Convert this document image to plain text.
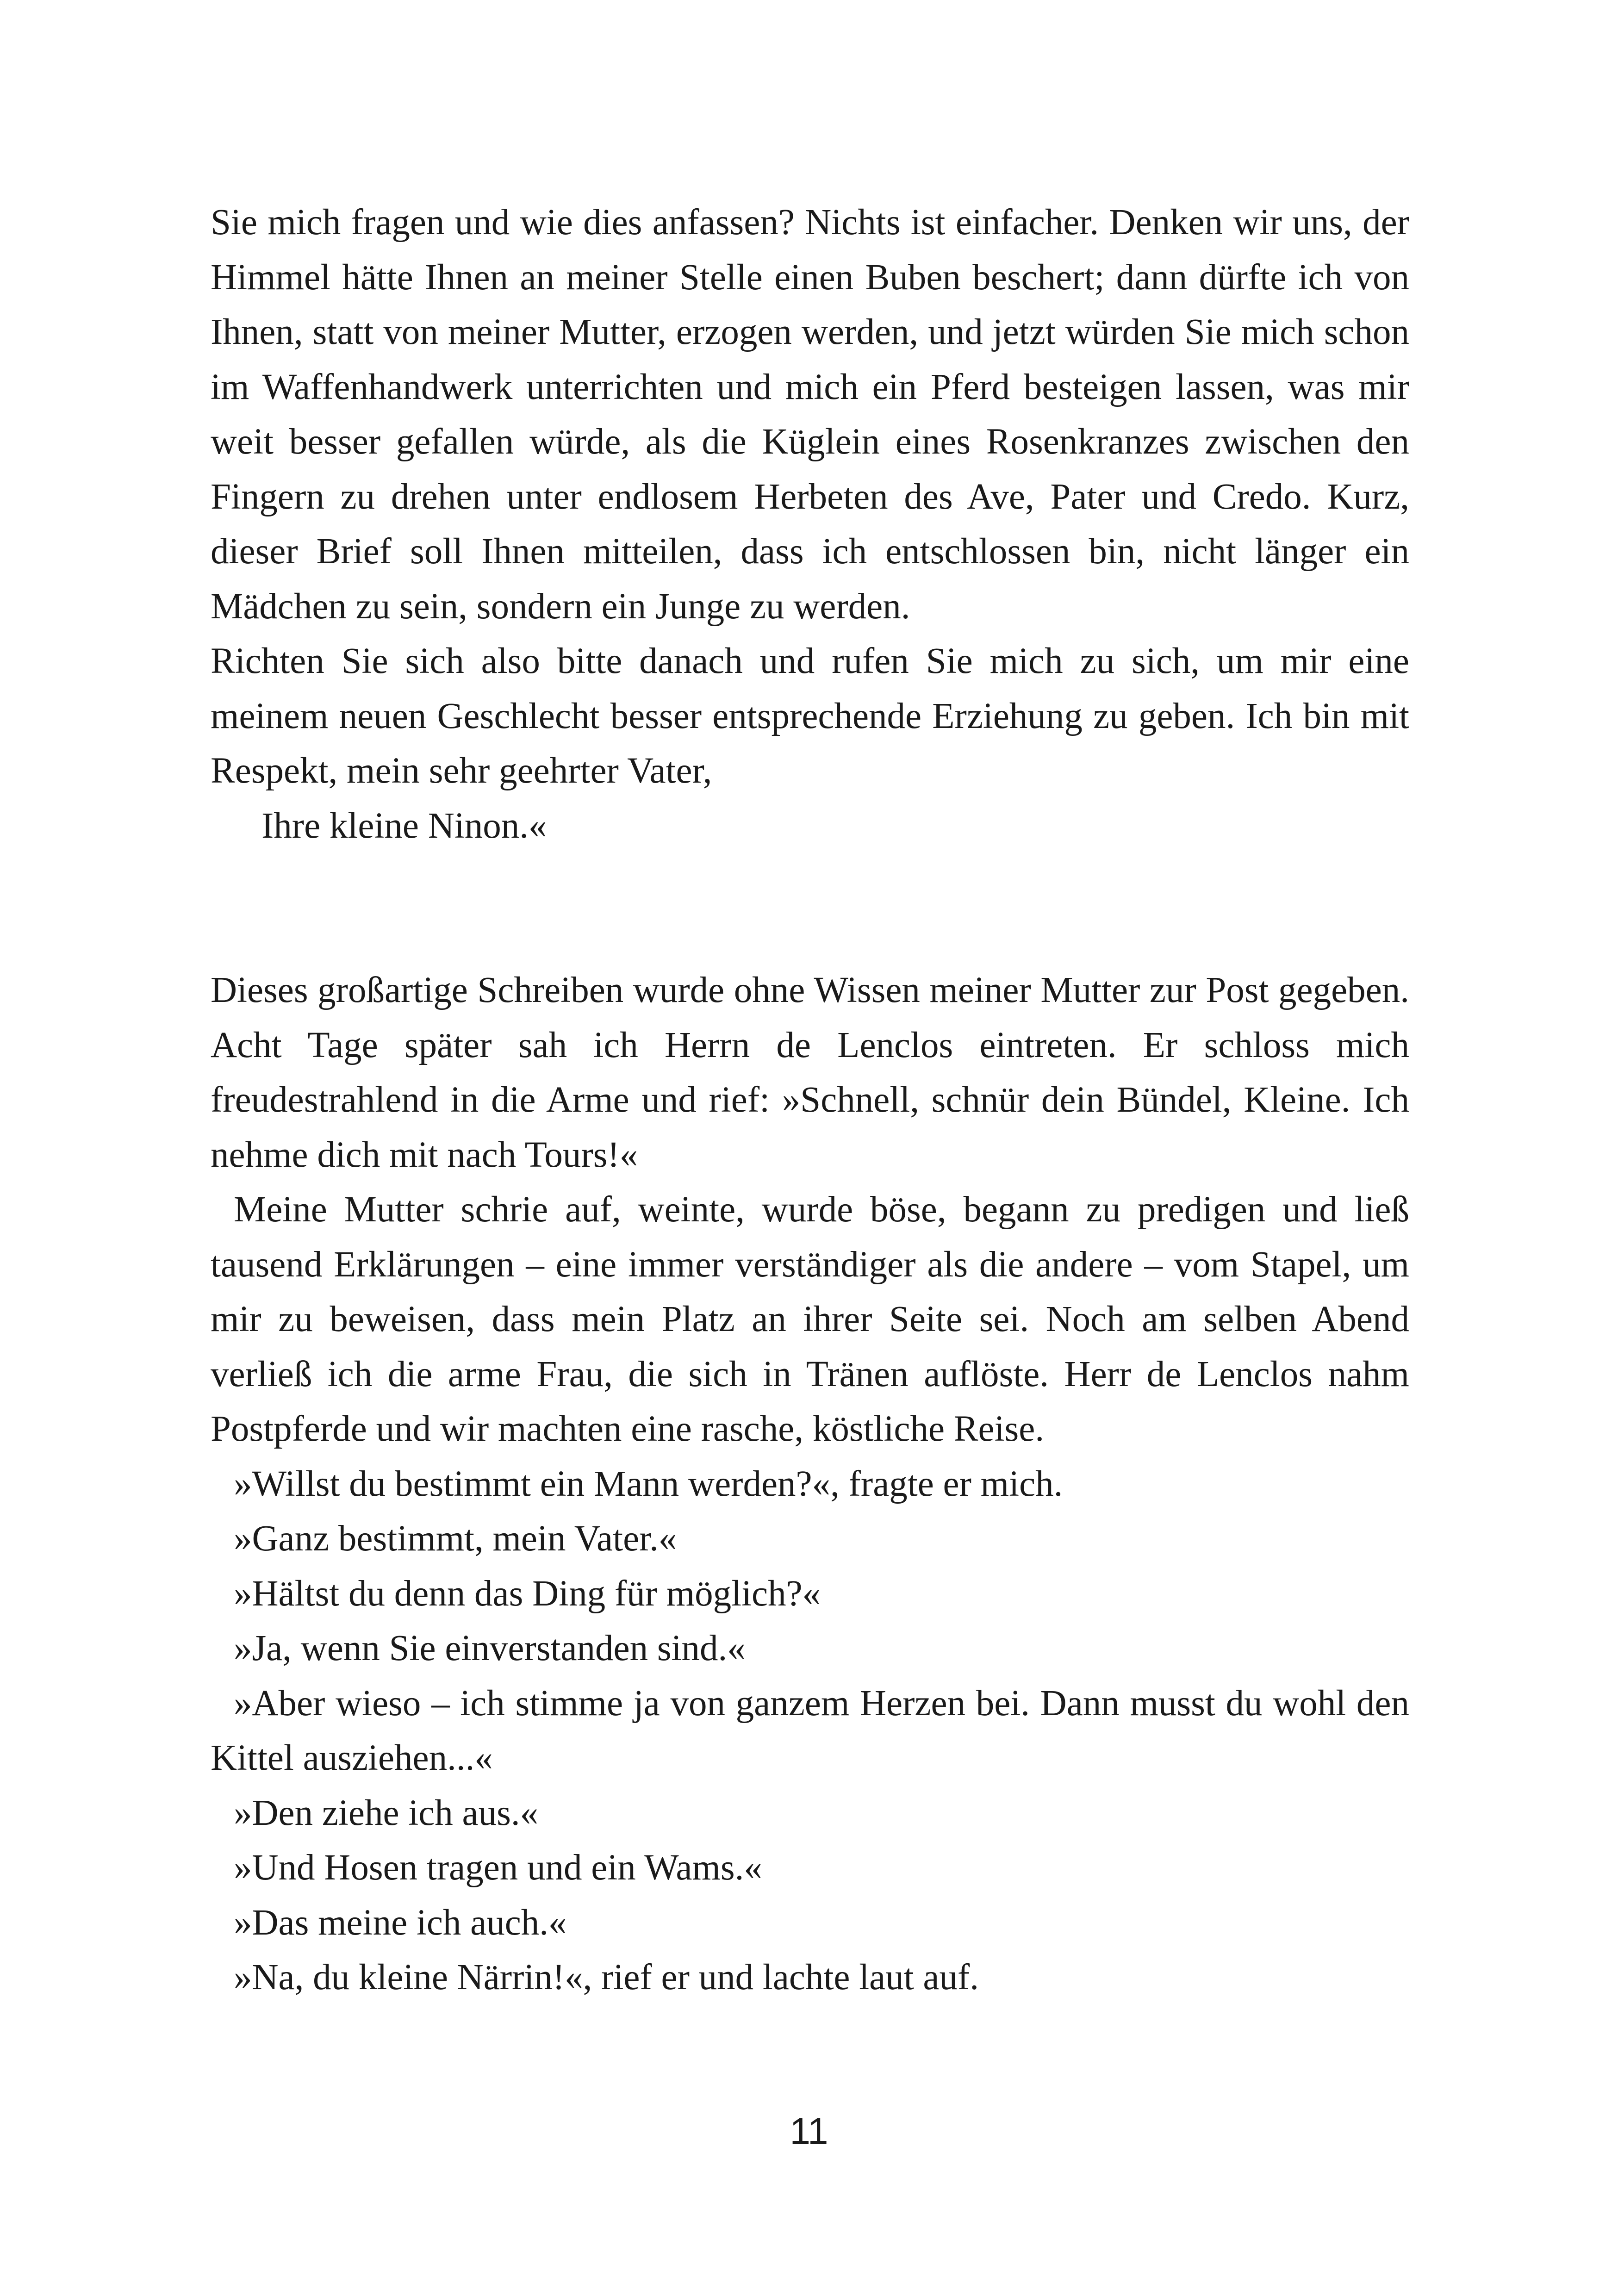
Sie mich fragen und wie dies anfassen? Nichts ist einfacher. Denken wir uns, der Himmel hätte Ihnen an meiner Stelle einen Buben beschert; dann dürfte ich von Ihnen, statt von meiner Mutter, erzogen werden, und jetzt würden Sie mich schon im Waffenhandwerk unterrichten und mich ein Pferd besteigen lassen, was mir weit besser gefallen würde, als die Küglein eines Rosenkranzes zwischen den Fingern zu drehen unter endlosem Herbeten des Ave, Pater und Credo. Kurz, dieser Brief soll Ihnen mitteilen, dass ich entschlossen bin, nicht länger ein Mädchen zu sein, sondern ein Junge zu werden.

Richten Sie sich also bitte danach und rufen Sie mich zu sich, um mir eine meinem neuen Geschlecht besser entsprechende Erziehung zu geben. Ich bin mit Respekt, mein sehr geehrter Vater,

Ihre kleine Ninon.«

Dieses großartige Schreiben wurde ohne Wissen meiner Mutter zur Post gegeben. Acht Tage später sah ich Herrn de Lenclos eintreten. Er schloss mich freudestrahlend in die Arme und rief: »Schnell, schnür dein Bündel, Kleine. Ich nehme dich mit nach Tours!«

Meine Mutter schrie auf, weinte, wurde böse, begann zu predigen und ließ tausend Erklärungen – eine immer verständiger als die andere – vom Stapel, um mir zu beweisen, dass mein Platz an ihrer Seite sei. Noch am selben Abend verließ ich die arme Frau, die sich in Tränen auflöste. Herr de Lenclos nahm Postpferde und wir machten eine rasche, köstliche Reise.

»Willst du bestimmt ein Mann werden?«, fragte er mich.

»Ganz bestimmt, mein Vater.«

»Hältst du denn das Ding für möglich?«

»Ja, wenn Sie einverstanden sind.«

»Aber wieso – ich stimme ja von ganzem Herzen bei. Dann musst du wohl den Kittel ausziehen...«

»Den ziehe ich aus.«

»Und Hosen tragen und ein Wams.«

»Das meine ich auch.«

»Na, du kleine Närrin!«, rief er und lachte laut auf.

11
